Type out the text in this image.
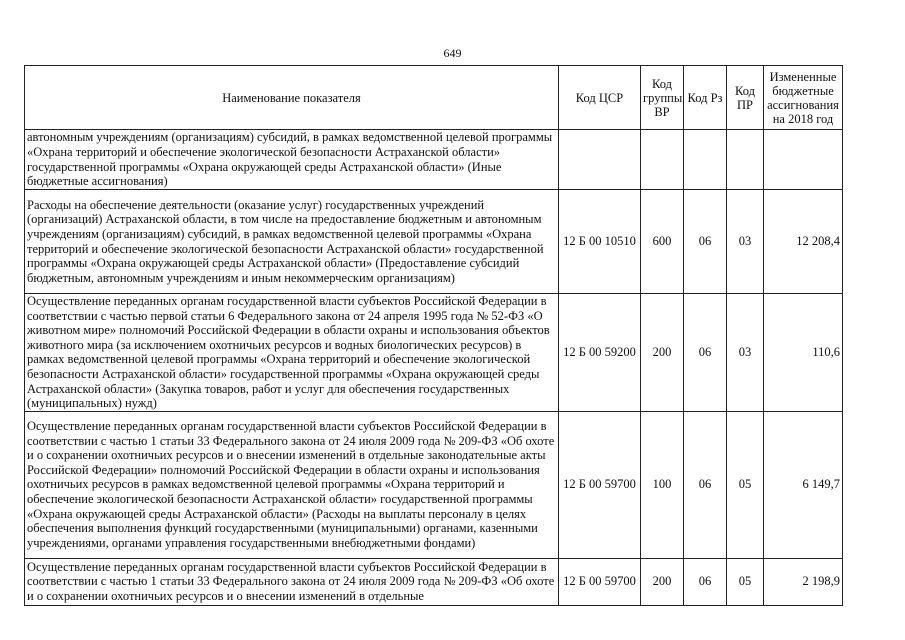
649
Наименование показателя	Код ЦСР	Код группы ВР	Код Рз	Код ПР	Измененные бюджетные ассигнования на 2018 год
автономным учреждениям (организациям) субсидий, в рамках ведомственной целевой программы «Охрана территорий и обеспечение экологической безопасности Астраханской области» государственной программы «Охрана окружающей среды Астраханской области» (Иные бюджетные ассигнования)					
Расходы на обеспечение деятельности (оказание услуг) государственных учреждений (организаций) Астраханской области, в том числе на предоставление бюджетным и автономным учреждениям (организациям) субсидий, в рамках ведомственной целевой программы «Охрана территорий и обеспечение экологической безопасности Астраханской области» государственной программы «Охрана окружающей среды Астраханской области» (Предоставление субсидий бюджетным, автономным учреждениям и иным некоммерческим организациям)	12 Б 00 10510	600	06	03	12 208,4
Осуществление переданных органам государственной власти субъектов Российской Федерации в соответствии с частью первой статьи 6 Федерального закона от 24 апреля 1995 года № 52-ФЗ «О животном мире» полномочий Российской Федерации в области охраны и использования объектов животного мира (за исключением охотничьих ресурсов и водных биологических ресурсов) в рамках ведомственной целевой программы «Охрана территорий и обеспечение экологической безопасности Астраханской области» государственной программы «Охрана окружающей среды Астраханской области» (Закупка товаров, работ и услуг для обеспечения государственных (муниципальных) нужд)	12 Б 00 59200	200	06	03	110,6
Осуществление переданных органам государственной власти субъектов Российской Федерации в соответствии с частью 1 статьи 33 Федерального закона от 24 июля 2009 года № 209-ФЗ «Об охоте и о сохранении охотничьих ресурсов и о внесении изменений в отдельные законодательные акты Российской Федерации» полномочий Российской Федерации в области охраны и использования охотничьих ресурсов в рамках ведомственной целевой программы «Охрана территорий и обеспечение экологической безопасности Астраханской области» государственной программы «Охрана окружающей среды Астраханской области» (Расходы на выплаты персоналу в целях обеспечения выполнения функций государственными (муниципальными) органами, казенными учреждениями, органами управления государственными внебюджетными фондами)	12 Б 00 59700	100	06	05	6 149,7
Осуществление переданных органам государственной власти субъектов Российской Федерации в соответствии с частью 1 статьи 33 Федерального закона от 24 июля 2009 года № 209-ФЗ «Об охоте и о сохранении охотничьих ресурсов и о внесении изменений в отдельные	12 Б 00 59700	200	06	05	2 198,9
